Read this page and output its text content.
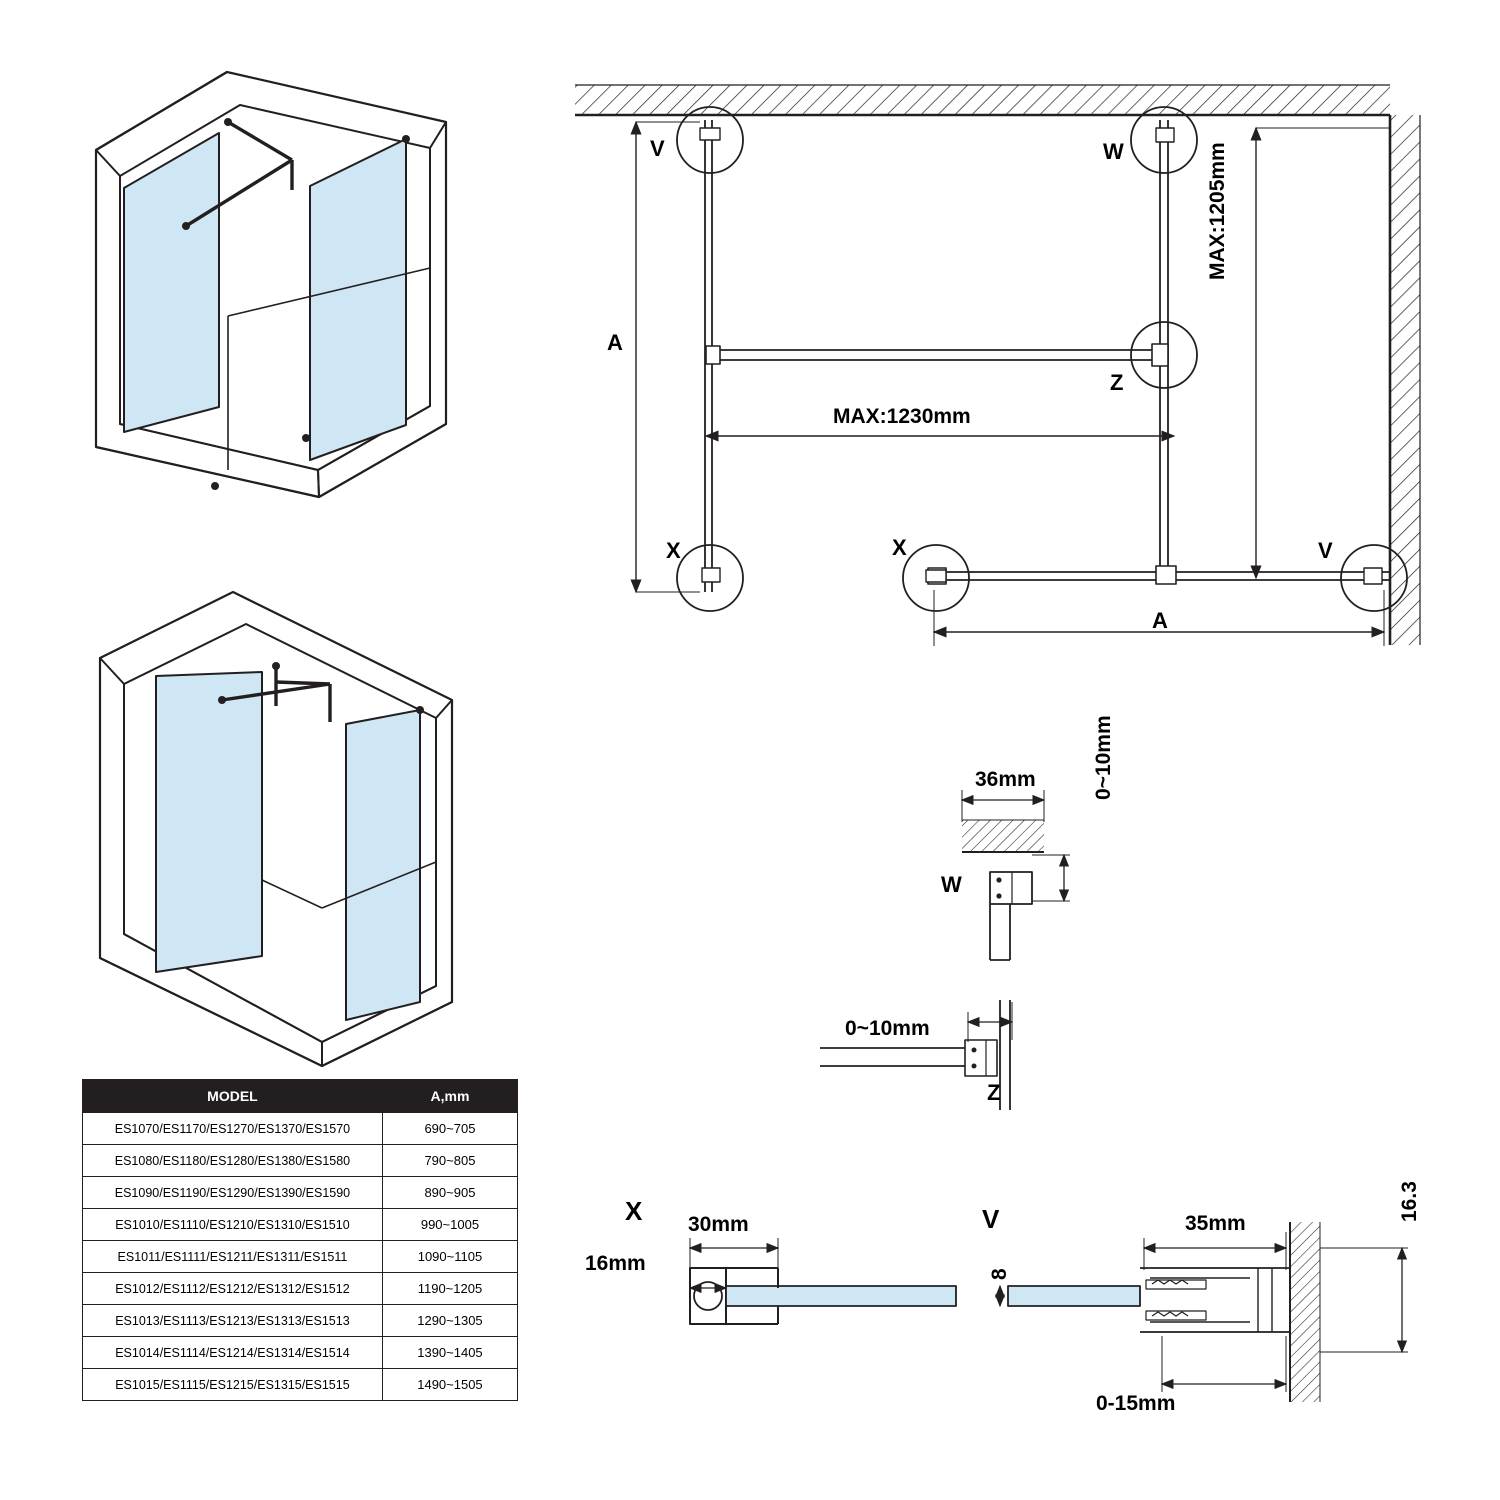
V	W
Z
X	X	V
A
A
MAX:1230mm
MAX:1205mm
W
36mm	0~10mm
Z
0~10mm
X 30mm
16mm
V	35mm
16.3
8
0-15mm
MODEL	A,mm
ES1070/ES1170/ES1270/ES1370/ES1570	690~705
ES1080/ES1180/ES1280/ES1380/ES1580	790~805
ES1090/ES1190/ES1290/ES1390/ES1590	890~905
ES1010/ES1110/ES1210/ES1310/ES1510	990~1005
ES1011/ES1111/ES1211/ES1311/ES1511	1090~1105
ES1012/ES1112/ES1212/ES1312/ES1512	1190~1205
ES1013/ES1113/ES1213/ES1313/ES1513	1290~1305
ES1014/ES1114/ES1214/ES1314/ES1514	1390~1405
ES1015/ES1115/ES1215/ES1315/ES1515	1490~1505
